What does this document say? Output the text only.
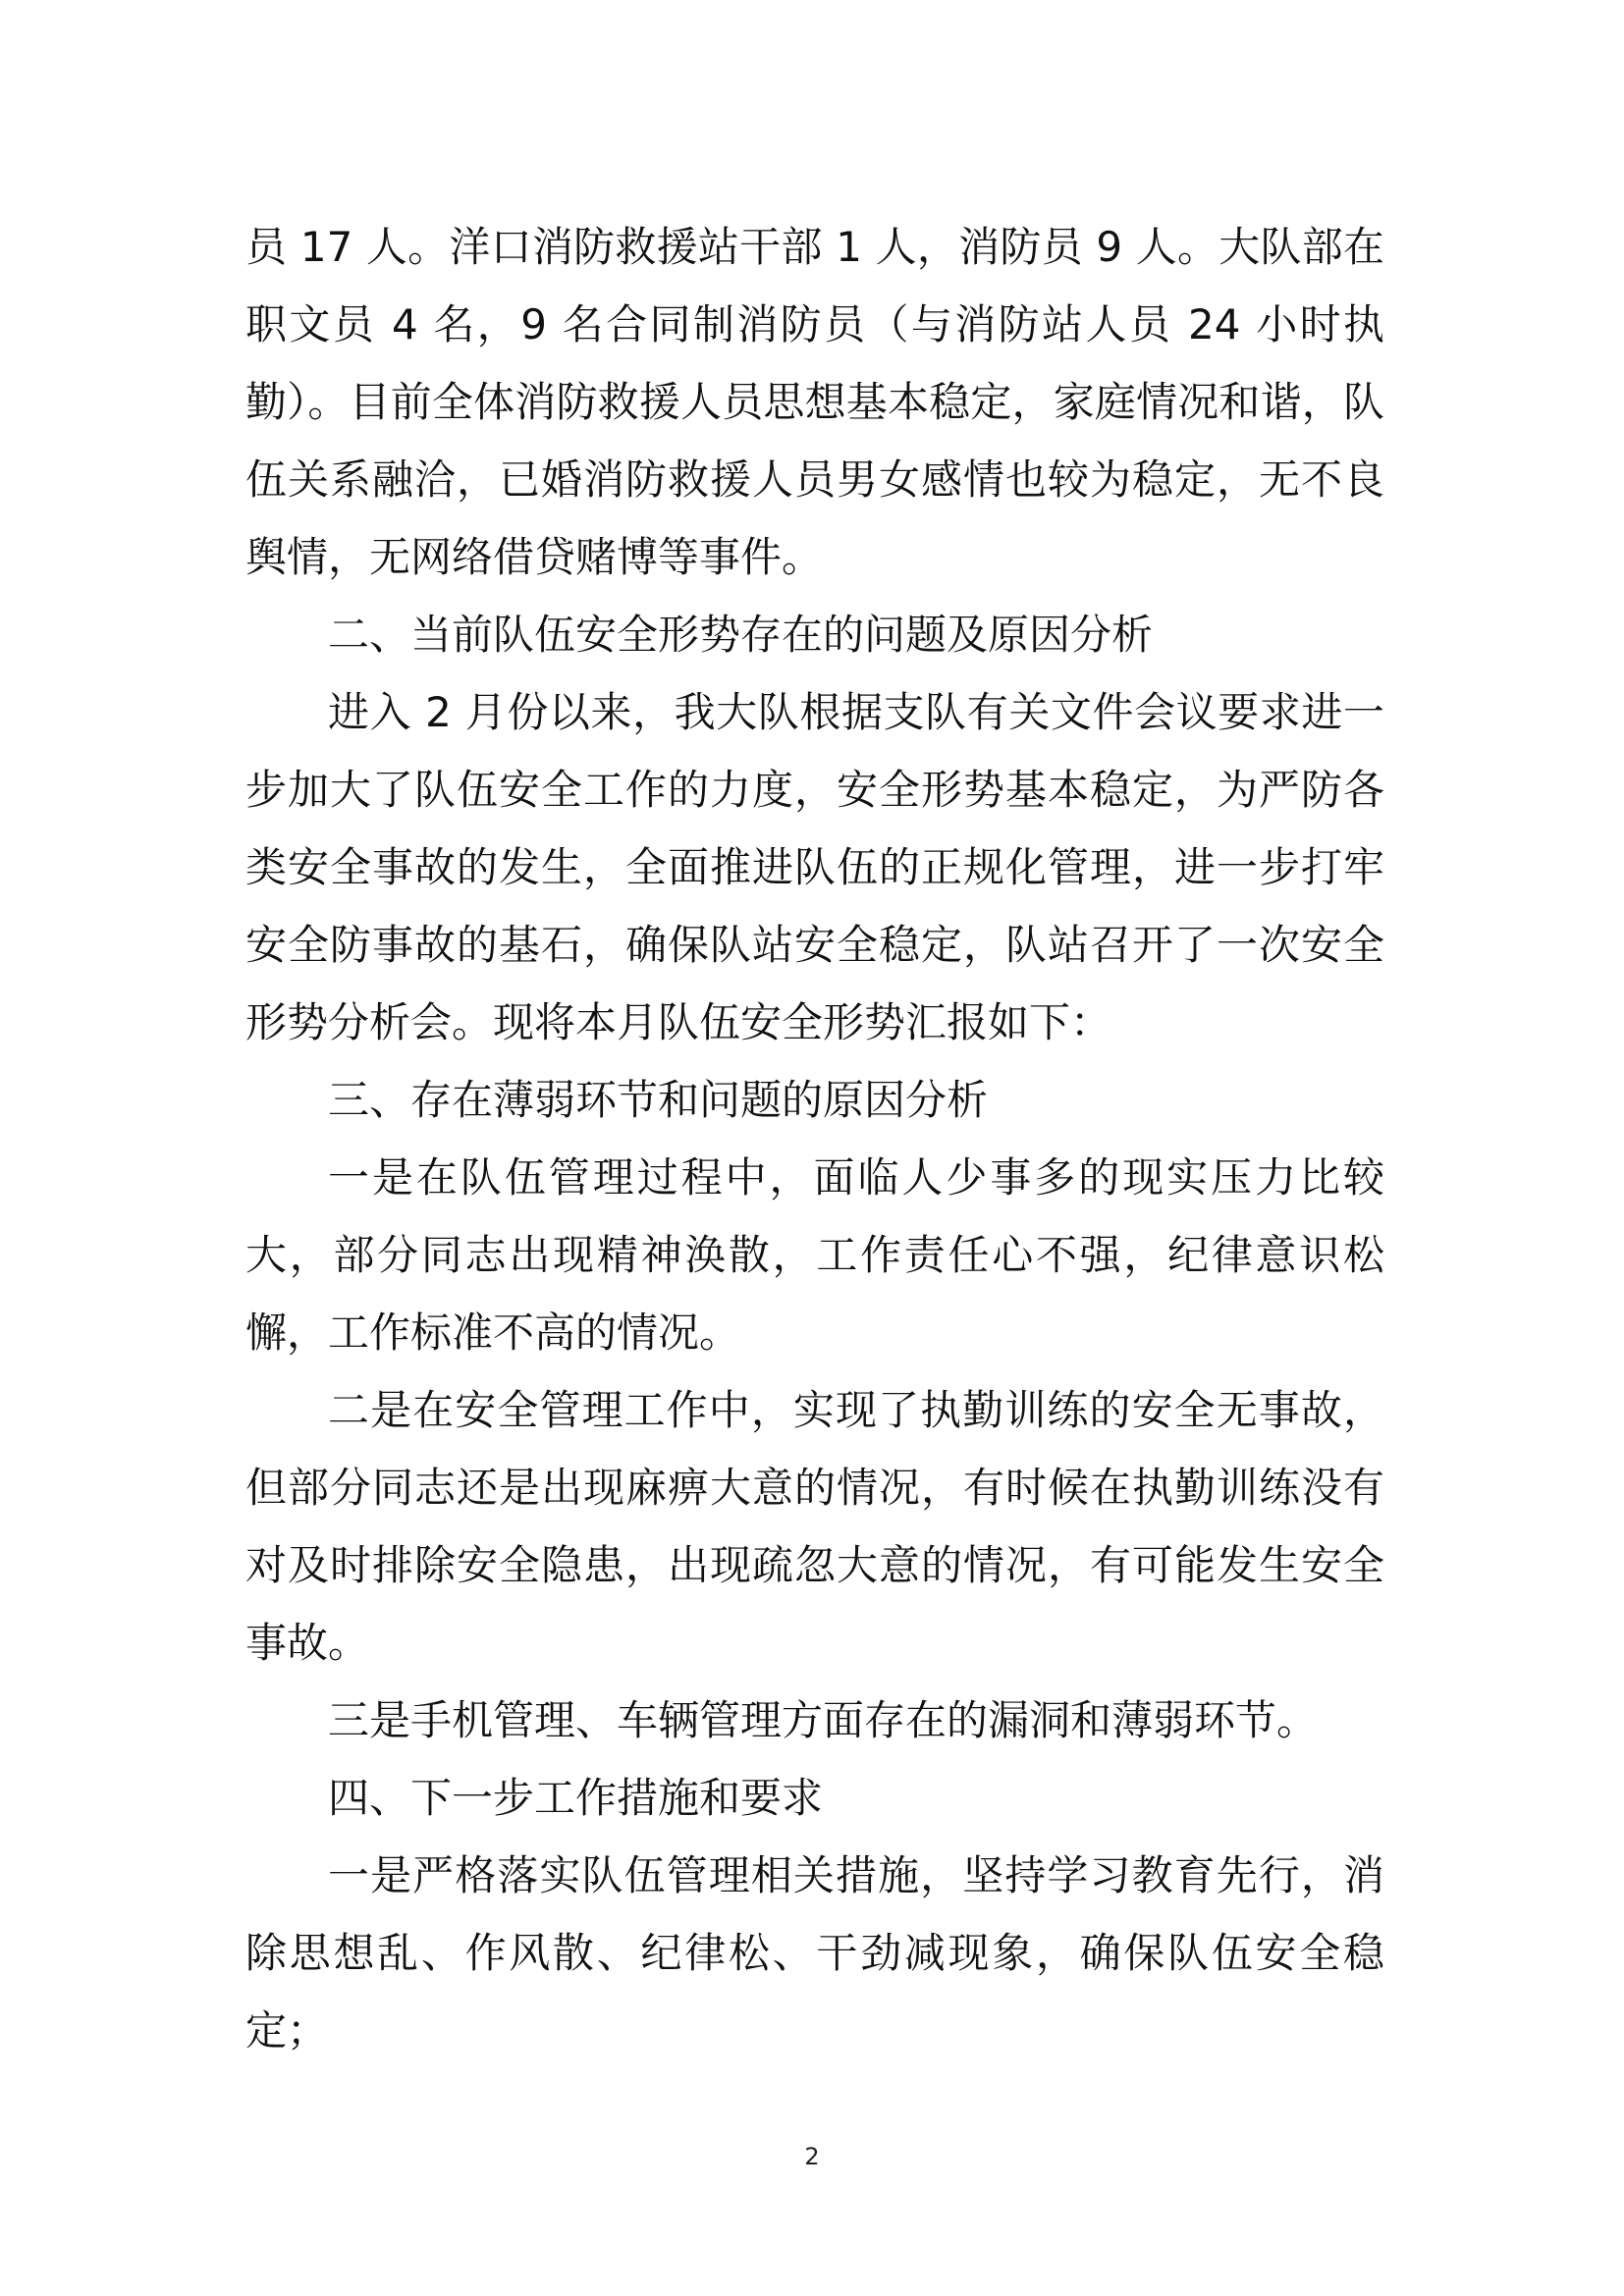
员 17 人。洋口消防救援站干部 1 人，消防员 9 人。大队部在职文员 4 名，9 名合同制消防员（与消防站人员 24 小时执勤）。目前全体消防救援人员思想基本稳定，家庭情况和谐，队伍关系融洽，已婚消防救援人员男女感情也较为稳定，无不良舆情，无网络借贷赌博等事件。

二、当前队伍安全形势存在的问题及原因分析

进入 2 月份以来，我大队根据支队有关文件会议要求进一步加大了队伍安全工作的力度，安全形势基本稳定，为严防各类安全事故的发生，全面推进队伍的正规化管理，进一步打牢安全防事故的基石，确保队站安全稳定，队站召开了一次安全形势分析会。现将本月队伍安全形势汇报如下：

三、存在薄弱环节和问题的原因分析

一是在队伍管理过程中，面临人少事多的现实压力比较大，部分同志出现精神涣散，工作责任心不强，纪律意识松懈，工作标准不高的情况。

二是在安全管理工作中，实现了执勤训练的安全无事故，但部分同志还是出现麻痹大意的情况，有时候在执勤训练没有对及时排除安全隐患，出现疏忽大意的情况，有可能发生安全事故。

三是手机管理、车辆管理方面存在的漏洞和薄弱环节。

四、下一步工作措施和要求

一是严格落实队伍管理相关措施，坚持学习教育先行，消除思想乱、作风散、纪律松、干劲减现象，确保队伍安全稳定；

2
